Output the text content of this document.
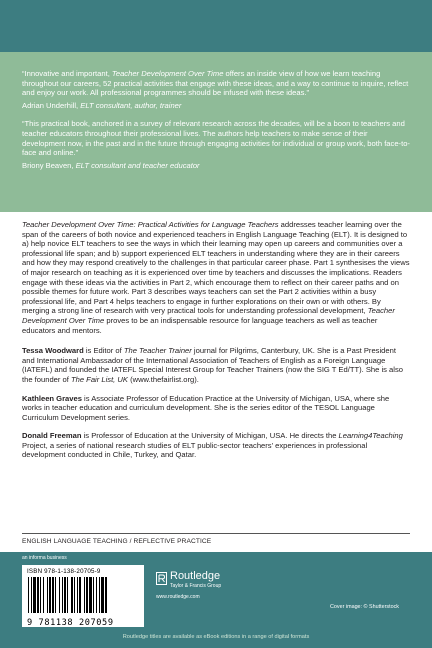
“Innovative and important, Teacher Development Over Time offers an inside view of how we learn teaching throughout our careers, 52 practical activities that engage with these ideas, and a way to continue to inquire, reflect and enjoy our work. All professional programmes should be infused with these ideas.”

Adrian Underhill, ELT consultant, author, trainer

“This practical book, anchored in a survey of relevant research across the decades, will be a boon to teachers and teacher educators throughout their professional lives. The authors help teachers to make sense of their development now, in the past and in the future through engaging activities for individual or group work, both face-to-face and online.”

Briony Beaven, ELT consultant and teacher educator

Teacher Development Over Time: Practical Activities for Language Teachers addresses teacher learning over the span of the careers of both novice and experienced teachers in English Language Teaching (ELT). It is designed to a) help novice ELT teachers to see the ways in which their learning may open up careers and communities over a professional life span; and b) support experienced ELT teachers in understanding where they are in their careers and how they may respond creatively to the challenges in that particular career phase. Part 1 synthesises the views of major research on teaching as it is experienced over time by teachers and discusses the implications. Readers engage with these ideas via the activities in Part 2, which encourage them to reflect on their career paths and on possible themes for future work. Part 3 describes ways teachers can set the Part 2 activities within a busy professional life, and Part 4 helps teachers to engage in further explorations on their own or with others. By merging a strong line of research with very practical tools for understanding professional development, Teacher Development Over Time proves to be an indispensable resource for language teachers as well as teacher educators and mentors.

Tessa Woodward is Editor of The Teacher Trainer journal for Pilgrims, Canterbury, UK. She is a Past President and International Ambassador of the International Association of Teachers of English as a Foreign Language (IATEFL) and founded the IATEFL Special Interest Group for Teacher Trainers (now the SIG T Ed/TT). She is also the founder of The Fair List, UK (www.thefairlist.org).

Kathleen Graves is Associate Professor of Education Practice at the University of Michigan, USA, where she works in teacher education and curriculum development. She is the series editor of the TESOL Language Curriculum Development series.

Donald Freeman is Professor of Education at the University of Michigan, USA. He directs the Learning4Teaching Project, a series of national research studies of ELT public-sector teachers’ experiences in professional development conducted in Chile, Turkey, and Qatar.

ENGLISH LANGUAGE TEACHING / REFLECTIVE PRACTICE
an informa business
ISBN 978-1-138-20705-9
9 781138 207059
Routledge
Taylor & Francis Group
www.routledge.com
Cover image: © Shutterstock
Routledge titles are available as eBook editions in a range of digital formats
